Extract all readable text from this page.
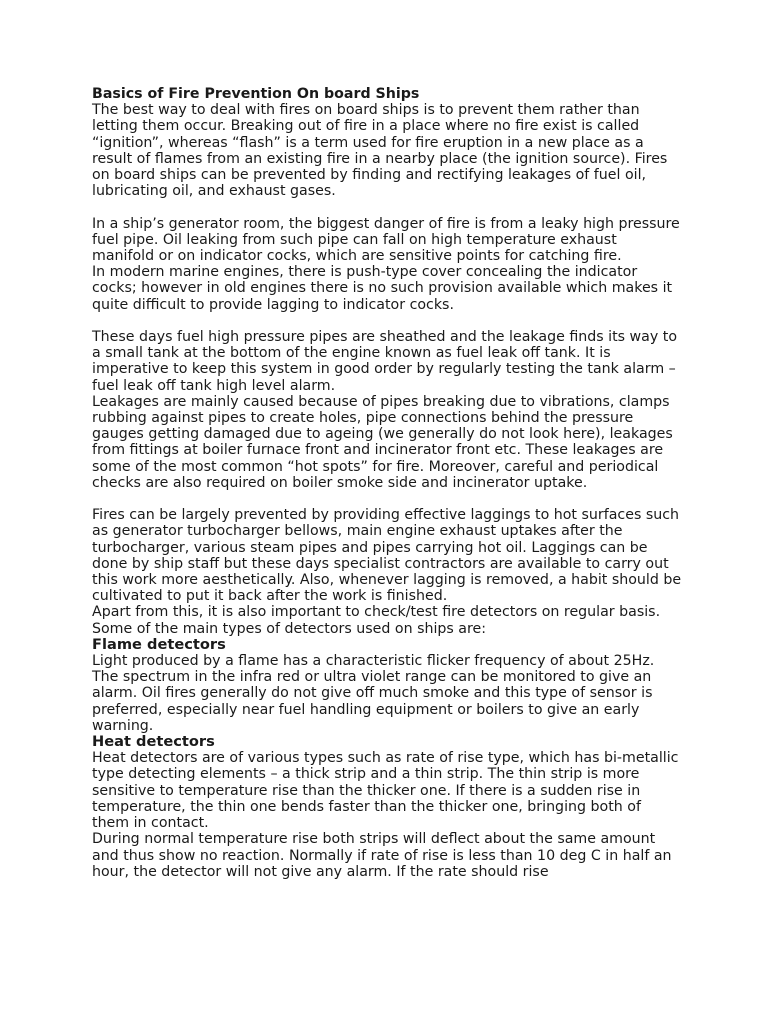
Basics of Fire Prevention On board Ships

The best way to deal with fires on board ships is to prevent them rather than letting them occur. Breaking out of fire in a place where no fire exist is called “ignition”, whereas “flash” is a term used for fire eruption in a new place as a result of flames from an existing fire in a nearby place (the ignition source). Fires on board ships can be prevented by finding and rectifying leakages of fuel oil, lubricating oil, and exhaust gases.

In a ship’s generator room, the biggest danger of fire is from a leaky high pressure fuel pipe. Oil leaking from such pipe can fall on high temperature exhaust manifold or on indicator cocks, which are sensitive points for catching fire.

In modern marine engines, there is push-type cover concealing the indicator cocks; however in old engines there is no such provision available which makes it quite difficult to provide lagging to indicator cocks.

These days fuel high pressure pipes are sheathed and the leakage finds its way to a small tank at the bottom of the engine known as fuel leak off tank. It is imperative to keep this system in good order by regularly testing the tank alarm – fuel leak off tank high level alarm.

Leakages are mainly caused because of pipes breaking due to vibrations, clamps rubbing against pipes to create holes, pipe connections behind the pressure gauges getting damaged due to ageing (we generally do not look here), leakages from fittings at boiler furnace front and incinerator front etc. These leakages are some of the most common “hot spots” for fire. Moreover, careful and periodical checks are also required on boiler smoke side and incinerator uptake.

Fires can be largely prevented by providing effective laggings to hot surfaces such as generator turbocharger bellows, main engine exhaust uptakes after the turbocharger, various steam pipes and pipes carrying hot oil. Laggings can be done by ship staff but these days specialist contractors are available to carry out this work more aesthetically. Also, whenever lagging is removed, a habit should be cultivated to put it back after the work is finished.

Apart from this, it is also important to check/test fire detectors on regular basis. Some of the main types of detectors used on ships are:

Flame detectors

Light produced by a flame has a characteristic flicker frequency of about 25Hz. The spectrum in the infra red or ultra violet range can be monitored to give an alarm. Oil fires generally do not give off much smoke and this type of sensor is preferred, especially near fuel handling equipment or boilers to give an early warning.

Heat detectors

Heat detectors are of various types such as rate of rise type, which has bi-metallic type detecting elements – a thick strip and a thin strip. The thin strip is more sensitive to temperature rise than the thicker one. If there is a sudden rise in temperature, the thin one bends faster than the thicker one, bringing both of them in contact.

During normal temperature rise both strips will deflect about the same amount and thus show no reaction. Normally if rate of rise is less than 10 deg C in half an hour, the detector will not give any alarm. If the rate should rise
